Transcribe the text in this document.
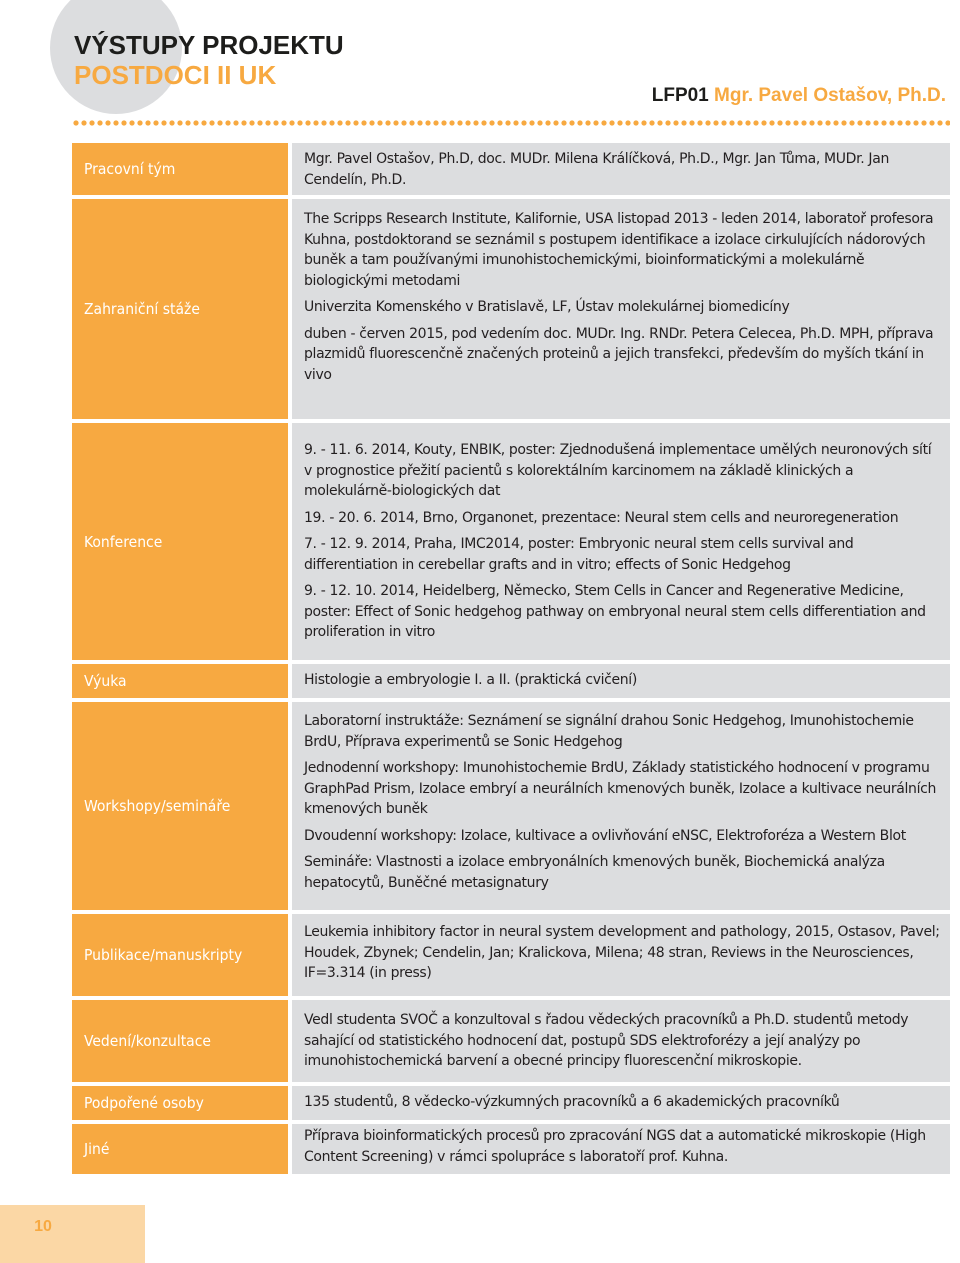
VÝSTUPY PROJEKTU
POSTDOCI II UK
LFP01 Mgr. Pavel Ostašov, Ph.D.
Pracovní tým

Mgr. Pavel Ostašov, Ph.D, doc. MUDr. Milena Králíčková, Ph.D., Mgr. Jan Tůma, MUDr. Jan Cendelín, Ph.D.

Zahraniční stáže

The Scripps Research Institute, Kalifornie, USA listopad 2013 - leden 2014, laboratoř profesora Kuhna, postdoktorand se seznámil s postupem identifikace a izolace cirkulujících nádorových buněk a tam používanými imunohistochemickými, bioinformatickými a molekulárně biologickými metodami

Univerzita Komenského v Bratislavě, LF, Ústav molekulárnej biomedicíny

duben - červen 2015, pod vedením doc. MUDr. Ing. RNDr. Petera Celecea, Ph.D. MPH, příprava plazmidů fluorescenčně značených proteinů a jejich transfekci, především do myších tkání in vivo

Konference

9. - 11. 6. 2014, Kouty, ENBIK, poster: Zjednodušená implementace umělých neuronových sítí v prognostice přežití pacientů s kolorektálním karcinomem na základě klinických a molekulárně-biologických dat

19. - 20. 6. 2014, Brno, Organonet, prezentace: Neural stem cells and neuroregeneration

7. - 12. 9. 2014, Praha, IMC2014, poster: Embryonic neural stem cells survival and differentiation in cerebellar grafts and in vitro; effects of Sonic Hedgehog

9. - 12. 10. 2014, Heidelberg, Německo, Stem Cells in Cancer and Regenerative Medicine, poster: Effect of Sonic hedgehog pathway on embryonal neural stem cells differentiation and proliferation in vitro

Výuka	Histologie a embryologie I. a II. (praktická cvičení)

Workshopy/semináře

Laboratorní instruktáže: Seznámení se signální drahou Sonic Hedgehog, Imunohistochemie BrdU, Příprava experimentů se Sonic Hedgehog

Jednodenní workshopy: Imunohistochemie BrdU, Základy statistického hodnocení v programu GraphPad Prism, Izolace embryí a neurálních kmenových buněk, Izolace a kultivace neurálních kmenových buněk

Dvoudenní workshopy: Izolace, kultivace a ovlivňování eNSC, Elektroforéza a Western Blot

Semináře: Vlastnosti a izolace embryonálních kmenových buněk, Biochemická analýza hepatocytů, Buněčné metasignatury

Publikace/manuskripty

Leukemia inhibitory factor in neural system development and pathology, 2015, Ostasov, Pavel; Houdek, Zbynek; Cendelin, Jan; Kralickova, Milena; 48 stran, Reviews in the Neurosciences, IF=3.314 (in press)

Vedení/konzultace

Vedl studenta SVOČ a konzultoval s řadou vědeckých pracovníků a Ph.D. studentů metody sahající od statistického hodnocení dat, postupů SDS elektroforézy a její analýzy po imunohistochemická barvení a obecné principy fluorescenční mikroskopie.

Podpořené osoby	135 studentů, 8 vědecko-výzkumných pracovníků a 6 akademických pracovníků

Jiné

Příprava bioinformatických procesů pro zpracování NGS dat a automatické mikroskopie (High Content Screening) v rámci spolupráce s laboratoří prof. Kuhna.

10
